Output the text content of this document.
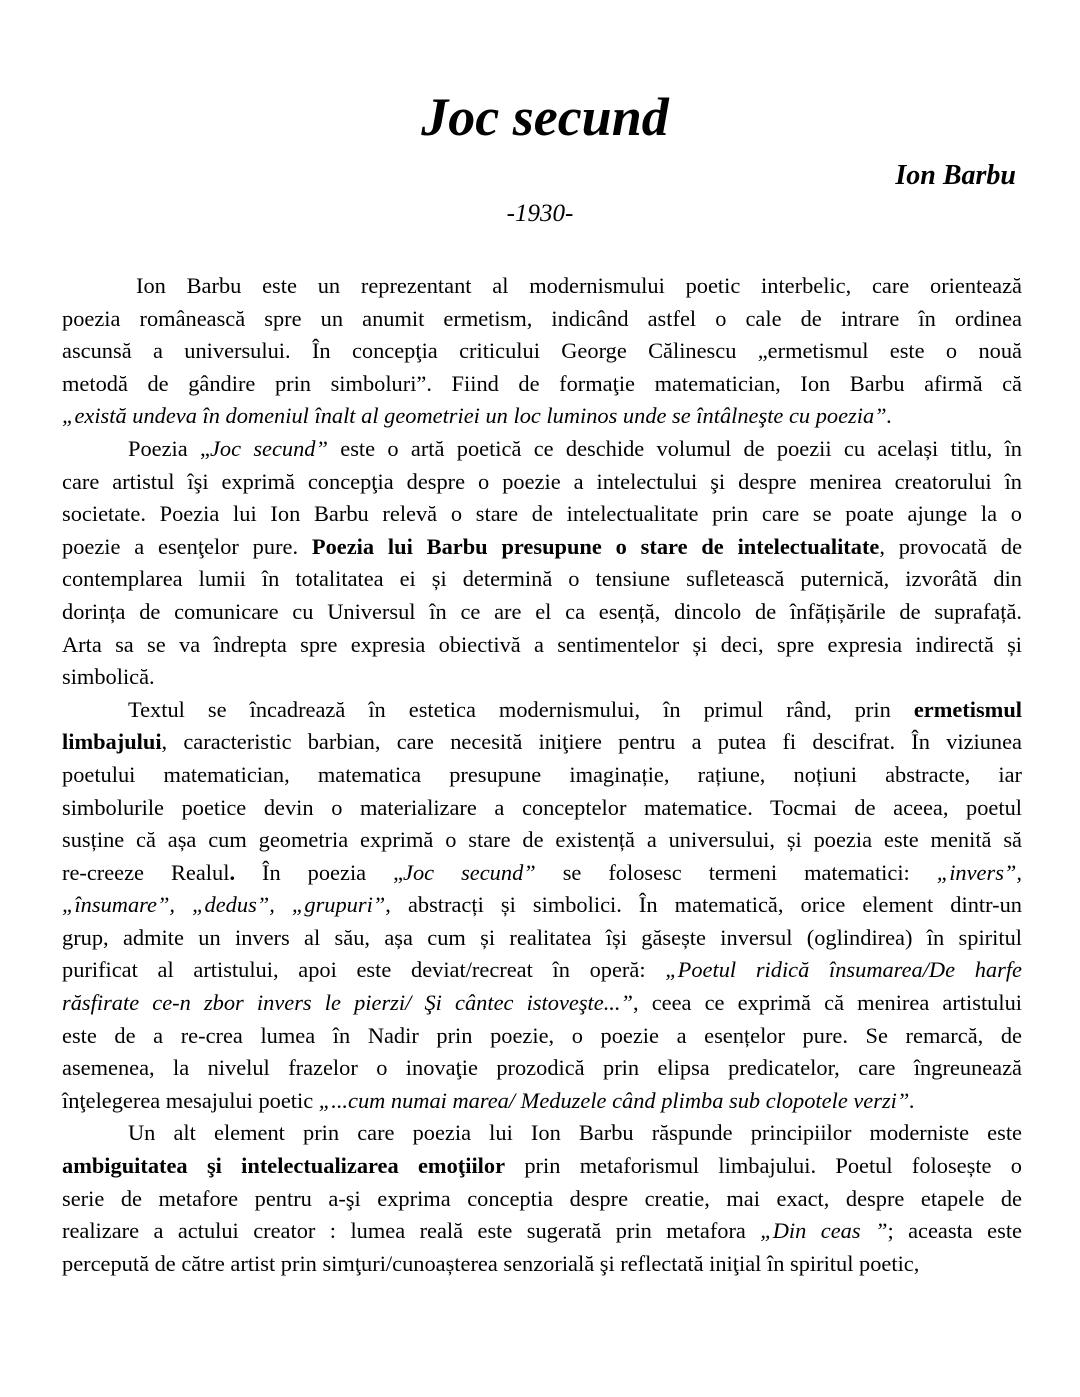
Joc secund

Ion Barbu

-1930-

Ion Barbu este un reprezentant al modernismului poetic interbelic, care orientează
poezia românească spre un anumit ermetism, indicând astfel o cale de intrare în ordinea
ascunsă a universului. În concepţia criticului George Călinescu „ermetismul este o nouă
metodă de gândire prin simboluri”. Fiind de formaţie matematician, Ion Barbu afirmă că
„există undeva în domeniul înalt al geometriei un loc luminos unde se întâlneşte cu poezia”.
Poezia „Joc secund” este o artă poetică ce deschide volumul de poezii cu același titlu, în
care artistul îşi exprimă concepţia despre o poezie a intelectului şi despre menirea creatorului în
societate. Poezia lui Ion Barbu relevă o stare de intelectualitate prin care se poate ajunge la o
poezie a esenţelor pure. Poezia lui Barbu presupune o stare de intelectualitate, provocată de
contemplarea lumii în totalitatea ei și determină o tensiune sufletească puternică, izvorâtă din
dorința de comunicare cu Universul în ce are el ca esență, dincolo de înfățișările de suprafață.
Arta sa se va îndrepta spre expresia obiectivă a sentimentelor și deci, spre expresia indirectă și
simbolică.
Textul se încadrează în estetica modernismului, în primul rând, prin ermetismul
limbajului, caracteristic barbian, care necesită iniţiere pentru a putea fi descifrat. În viziunea
poetului matematician, matematica presupune imaginație, rațiune, noțiuni abstracte, iar
simbolurile poetice devin o materializare a conceptelor matematice. Tocmai de aceea, poetul
susține că așa cum geometria exprimă o stare de existență a universului, și poezia este menită să
re-creeze Realul. În poezia „Joc secund” se folosesc termeni matematici: „invers”,
„însumare”, „dedus”, „grupuri”, abstracți și simbolici. În matematică, orice element dintr-un
grup, admite un invers al său, așa cum și realitatea își găsește inversul (oglindirea) în spiritul
purificat al artistului, apoi este deviat/recreat în operă: „Poetul ridică însumarea/De harfe
răsfirate ce-n zbor invers le pierzi/ Şi cântec istoveşte...”, ceea ce exprimă că menirea artistului
este de a re-crea lumea în Nadir prin poezie, o poezie a esențelor pure. Se remarcă, de
asemenea, la nivelul frazelor o inovaţie prozodică prin elipsa predicatelor, care îngreunează
înţelegerea mesajului poetic „...cum numai marea/ Meduzele când plimba sub clopotele verzi”.
Un alt element prin care poezia lui Ion Barbu răspunde principiilor moderniste este
ambiguitatea şi intelectualizarea emoţiilor prin metaforismul limbajului. Poetul folosește o
serie de metafore pentru a-şi exprima conceptia despre creatie, mai exact, despre etapele de
realizare a actului creator : lumea reală este sugerată prin metafora „Din ceas ”; aceasta este
percepută de către artist prin simţuri/cunoașterea senzorială şi reflectată iniţial în spiritul poetic,
